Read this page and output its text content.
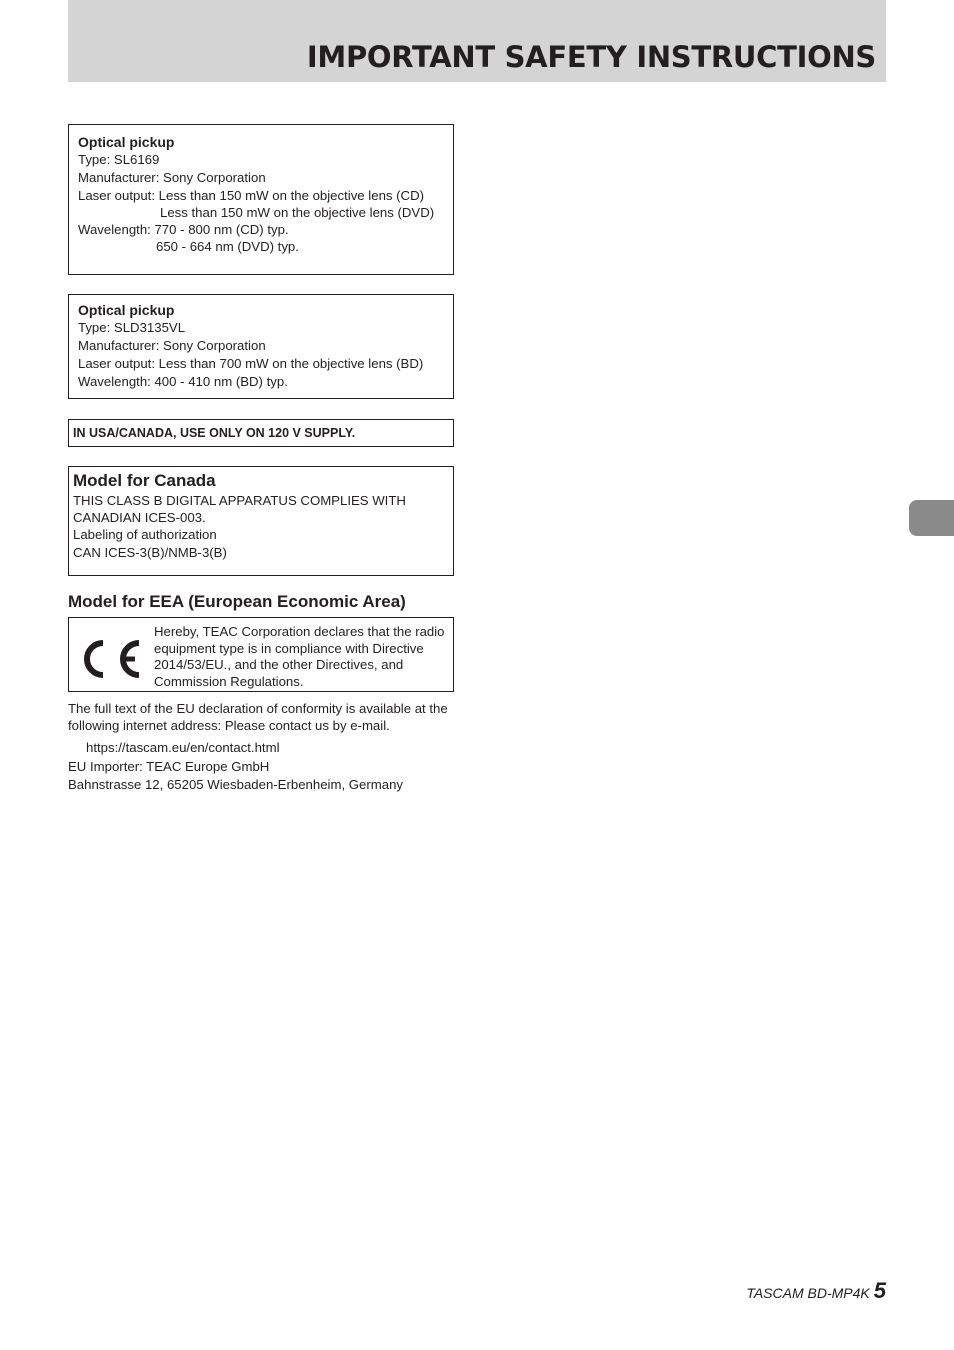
IMPORTANT SAFETY INSTRUCTIONS
Optical pickup
Type: SL6169
Manufacturer: Sony Corporation
Laser output: Less than 150 mW on the objective lens (CD)
Less than 150 mW on the objective lens (DVD)
Wavelength: 770 - 800 nm (CD) typ.
650 - 664 nm (DVD) typ.
Optical pickup
Type: SLD3135VL
Manufacturer: Sony Corporation
Laser output: Less than 700 mW on the objective lens (BD)
Wavelength: 400 - 410 nm (BD) typ.
IN USA/CANADA, USE ONLY ON 120 V SUPPLY.
Model for Canada
THIS CLASS B DIGITAL APPARATUS COMPLIES WITH CANADIAN ICES-003.
Labeling of authorization
CAN ICES-3(B)/NMB-3(B)
Model for EEA (European Economic Area)
Hereby, TEAC Corporation declares that the radio equipment type is in compliance with Directive 2014/53/EU., and the other Directives, and Commission Regulations.
The full text of the EU declaration of conformity is available at the following internet address: Please contact us by e-mail.
https://tascam.eu/en/contact.html
EU Importer: TEAC Europe GmbH
Bahnstrasse 12, 65205 Wiesbaden-Erbenheim, Germany
TASCAM BD-MP4K 5
